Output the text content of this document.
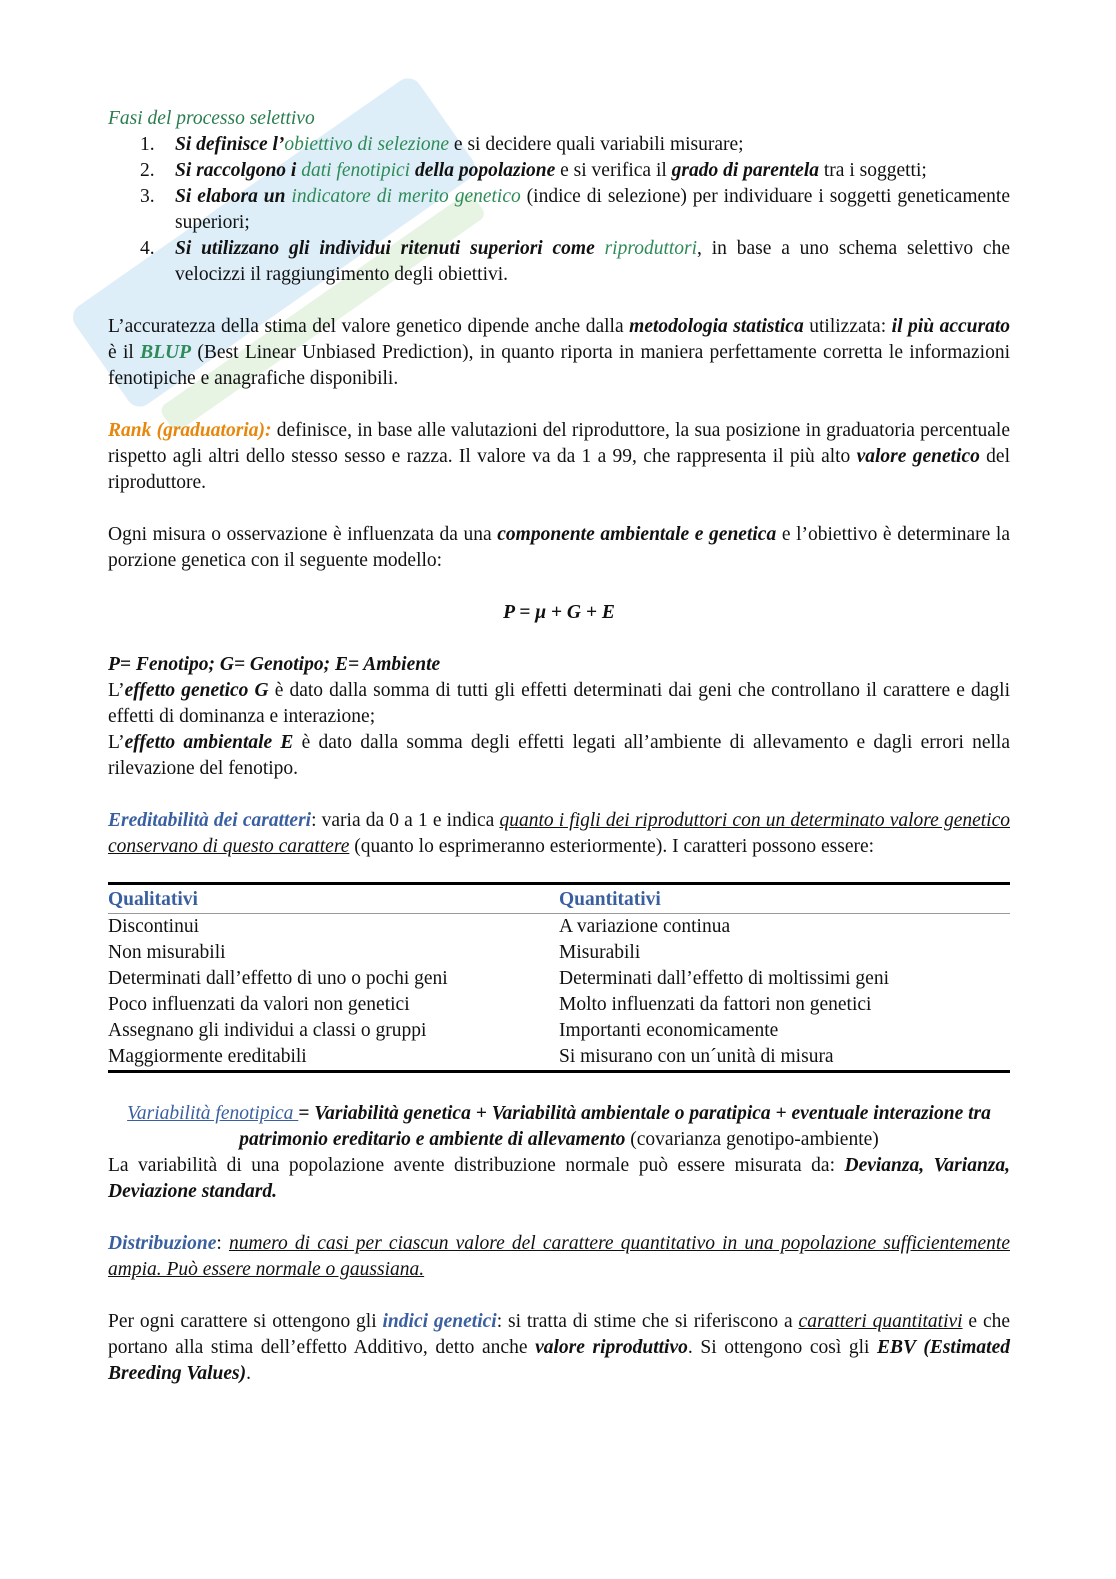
Fasi del processo selettivo

1. Si definisce l’obiettivo di selezione e si decidere quali variabili misurare;
2. Si raccolgono i dati fenotipici della popolazione e si verifica il grado di parentela tra i soggetti;
3. Si elabora un indicatore di merito genetico (indice di selezione) per individuare i soggetti geneticamente superiori;
4. Si utilizzano gli individui ritenuti superiori come riproduttori, in base a uno schema selettivo che velocizzi il raggiungimento degli obiettivi.

L’accuratezza della stima del valore genetico dipende anche dalla metodologia statistica utilizzata: il più accurato è il BLUP (Best Linear Unbiased Prediction), in quanto riporta in maniera perfettamente corretta le informazioni fenotipiche e anagrafiche disponibili.

Rank (graduatoria): definisce, in base alle valutazioni del riproduttore, la sua posizione in graduatoria percentuale rispetto agli altri dello stesso sesso e razza. Il valore va da 1 a 99, che rappresenta il più alto valore genetico del riproduttore.

Ogni misura o osservazione è influenzata da una componente ambientale e genetica e l’obiettivo è determinare la porzione genetica con il seguente modello:

P = μ + G + E

P= Fenotipo; G= Genotipo; E= Ambiente

L’effetto genetico G è dato dalla somma di tutti gli effetti determinati dai geni che controllano il carattere e dagli effetti di dominanza e interazione;

L’effetto ambientale E è dato dalla somma degli effetti legati all’ambiente di allevamento e dagli errori nella rilevazione del fenotipo.

Ereditabilità dei caratteri: varia da 0 a 1 e indica quanto i figli dei riproduttori con un determinato valore genetico conservano di questo carattere (quanto lo esprimeranno esteriormente). I caratteri possono essere:

Qualitativi	Quantitativi
Discontinui	A variazione continua
Non misurabili	Misurabili
Determinati dall’effetto di uno o pochi geni	Determinati dall’effetto di moltissimi geni
Poco influenzati da valori non genetici	Molto influenzati da fattori non genetici
Assegnano gli individui a classi o gruppi	Importanti economicamente
Maggiormente ereditabili	Si misurano con un´unità di misura

Variabilità fenotipica = Variabilità genetica + Variabilità ambientale o paratipica + eventuale interazione tra patrimonio ereditario e ambiente di allevamento (covarianza genotipo-ambiente)

La variabilità di una popolazione avente distribuzione normale può essere misurata da: Devianza, Varianza, Deviazione standard.

Distribuzione: numero di casi per ciascun valore del carattere quantitativo in una popolazione sufficientemente ampia. Può essere normale o gaussiana.

Per ogni carattere si ottengono gli indici genetici: si tratta di stime che si riferiscono a caratteri quantitativi e che portano alla stima dell’effetto Additivo, detto anche valore riproduttivo. Si ottengono così gli EBV (Estimated Breeding Values).
